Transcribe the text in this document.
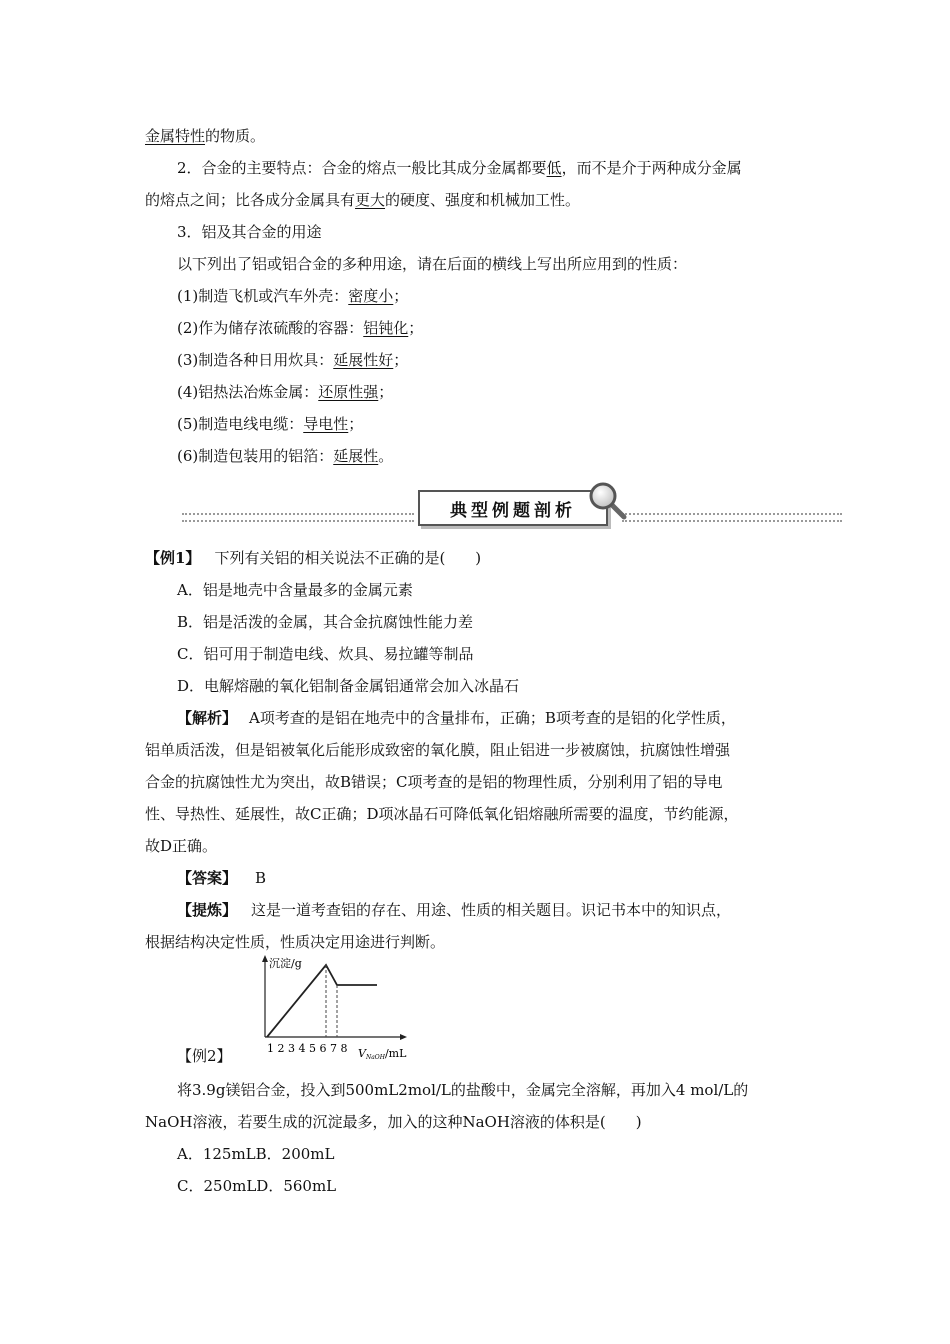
金属特性的物质。
2．合金的主要特点：合金的熔点一般比其成分金属都要低，而不是介于两种成分金属
的熔点之间；比各成分金属具有更大的硬度、强度和机械加工性。
3．铝及其合金的用途
以下列出了铝或铝合金的多种用途，请在后面的横线上写出所应用到的性质：
(1)制造飞机或汽车外壳：密度小；
(2)作为储存浓硫酸的容器：铝钝化；
(3)制造各种日用炊具：延展性好；
(4)铝热法冶炼金属：还原性强；
(5)制造电线电缆：导电性；
(6)制造包装用的铝箔：延展性。
典型例题剖析
【例1】 下列有关铝的相关说法不正确的是(　　)
A．铝是地壳中含量最多的金属元素
B．铝是活泼的金属，其合金抗腐蚀性能力差
C．铝可用于制造电线、炊具、易拉罐等制品
D．电解熔融的氧化铝制备金属铝通常会加入冰晶石
【解析】 A项考查的是铝在地壳中的含量排布，正确；B项考查的是铝的化学性质，
铝单质活泼，但是铝被氧化后能形成致密的氧化膜，阻止铝进一步被腐蚀，抗腐蚀性增强
合金的抗腐蚀性尤为突出，故B错误；C项考查的是铝的物理性质，分别利用了铝的导电
性、导热性、延展性，故C正确；D项冰晶石可降低氧化铝熔融所需要的温度，节约能源，
故D正确。
【答案】 B
【提炼】 这是一道考查铝的存在、用途、性质的相关题目。识记书本中的知识点，
根据结构决定性质，性质决定用途进行判断。
沉淀/g
1 2 3 4 5 6 7 8 VNaOH/mL
【例2】
将3.9g镁铝合金，投入到500mL2mol/L的盐酸中，金属完全溶解，再加入4 mol/L的
NaOH溶液，若要生成的沉淀最多，加入的这种NaOH溶液的体积是(　　)
A．125mLB．200mL
C．250mLD．560mL
